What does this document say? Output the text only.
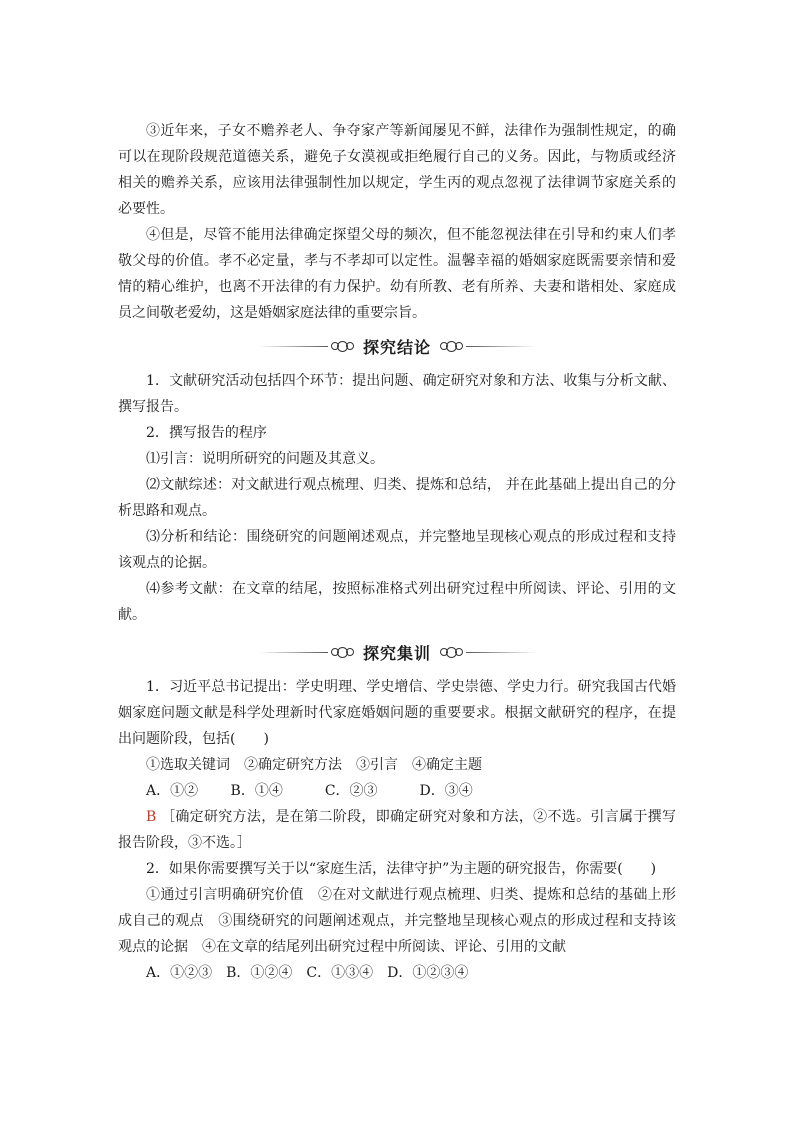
③近年来，子女不赡养老人、争夺家产等新闻屡见不鲜，法律作为强制性规定，的确可以在现阶段规范道德关系，避免子女漠视或拒绝履行自己的义务。因此，与物质或经济相关的赡养关系，应该用法律强制性加以规定，学生丙的观点忽视了法律调节家庭关系的必要性。

④但是，尽管不能用法律确定探望父母的频次，但不能忽视法律在引导和约束人们孝敬父母的价值。孝不必定量，孝与不孝却可以定性。温馨幸福的婚姻家庭既需要亲情和爱情的精心维护，也离不开法律的有力保护。幼有所教、老有所养、夫妻和谐相处、家庭成员之间敬老爱幼，这是婚姻家庭法律的重要宗旨。

探究结论

1．文献研究活动包括四个环节：提出问题、确定研究对象和方法、收集与分析文献、撰写报告。

2．撰写报告的程序

⑴引言：说明所研究的问题及其意义。

⑵文献综述：对文献进行观点梳理、归类、提炼和总结， 并在此基础上提出自己的分析思路和观点。

⑶分析和结论：围绕研究的问题阐述观点，并完整地呈现核心观点的形成过程和支持该观点的论据。

⑷参考文献：在文章的结尾，按照标准格式列出研究过程中所阅读、评论、引用的文献。

探究集训

1．习近平总书记提出：学史明理、学史增信、学史崇德、学史力行。研究我国古代婚姻家庭问题文献是科学处理新时代家庭婚姻问题的重要要求。根据文献研究的程序，在提出问题阶段，包括(　　)

①选取关键词　②确定研究方法　③引言　④确定主题

A．①②　　 B．①④　　　C．②③　　　D．③④

B ［确定研究方法，是在第二阶段，即确定研究对象和方法，②不选。引言属于撰写报告阶段，③不选。］

2．如果你需要撰写关于以“家庭生活，法律守护”为主题的研究报告，你需要(　　)

①通过引言明确研究价值　②在对文献进行观点梳理、归类、提炼和总结的基础上形成自己的观点　③围绕研究的问题阐述观点，并完整地呈现核心观点的形成过程和支持该观点的论据　④在文章的结尾列出研究过程中所阅读、评论、引用的文献

A．①②③　B．①②④　C．①③④　D．①②③④
